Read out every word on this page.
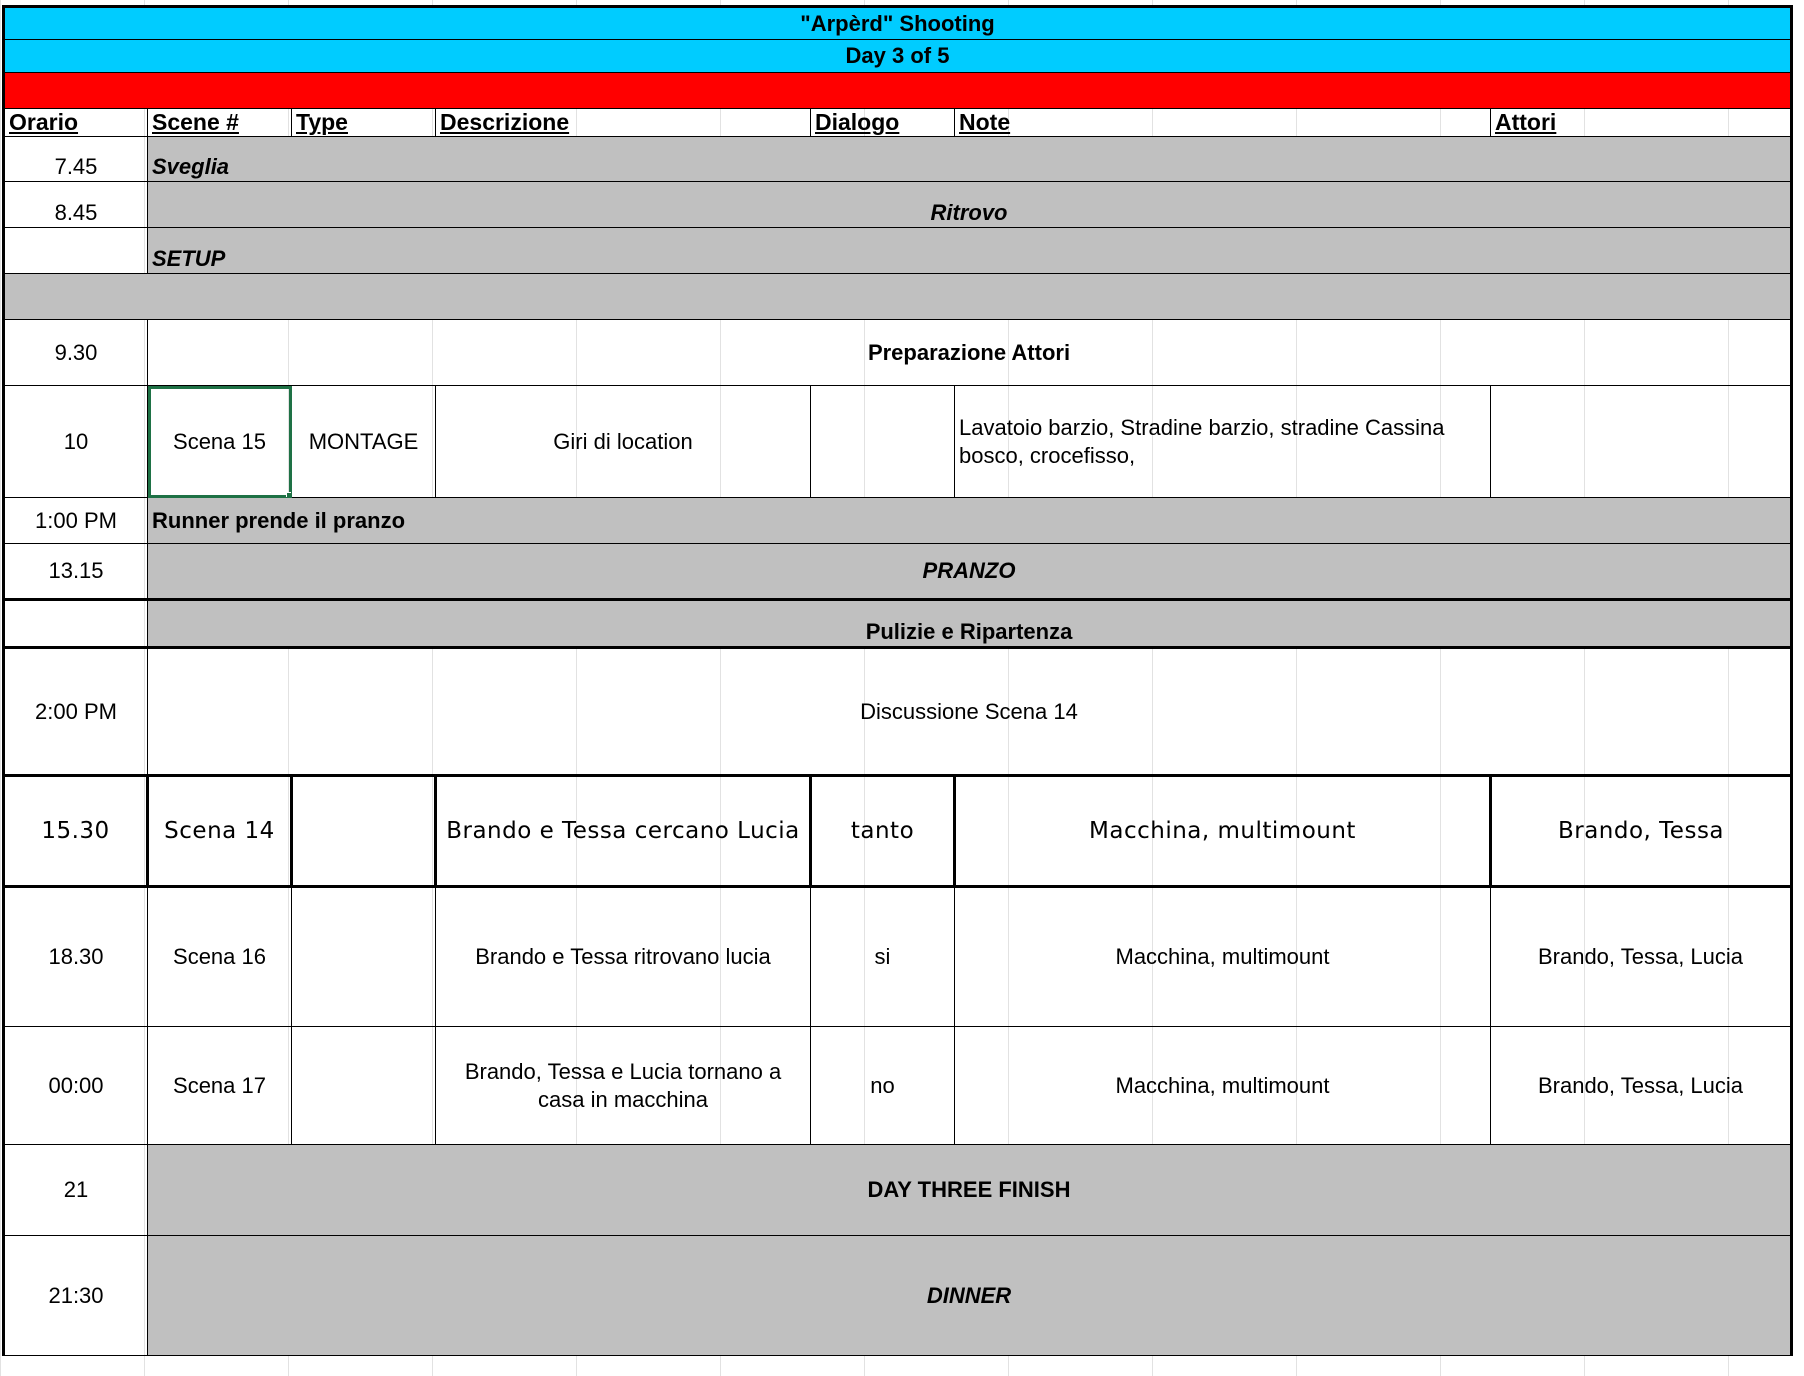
"Arpèrd" Shooting						
Day 3 of 5						

Orario	Scene #	Type	Descrizione	Dialogo	Note	Attori
7.45	Sveglia					
8.45	Ritrovo					
	SETUP					

9.30	Preparazione Attori					
10	Scena 15	MONTAGE	Giri di location		Lavatoio barzio, Stradine barzio, stradine Cassina bosco, crocefisso,	
1:00 PM	Runner prende il pranzo					
13.15	PRANZO					
	Pulizie e Ripartenza					
2:00 PM	Discussione Scena 14					
15.30	Scena 14		Brando e Tessa cercano Lucia	tanto	Macchina, multimount	Brando, Tessa
18.30	Scena 16		Brando e Tessa ritrovano lucia	si	Macchina, multimount	Brando, Tessa, Lucia
00:00	Scena 17		Brando, Tessa e Lucia tornano a casa in macchina	no	Macchina, multimount	Brando, Tessa, Lucia
21	DAY THREE FINISH					
21:30	DINNER					
